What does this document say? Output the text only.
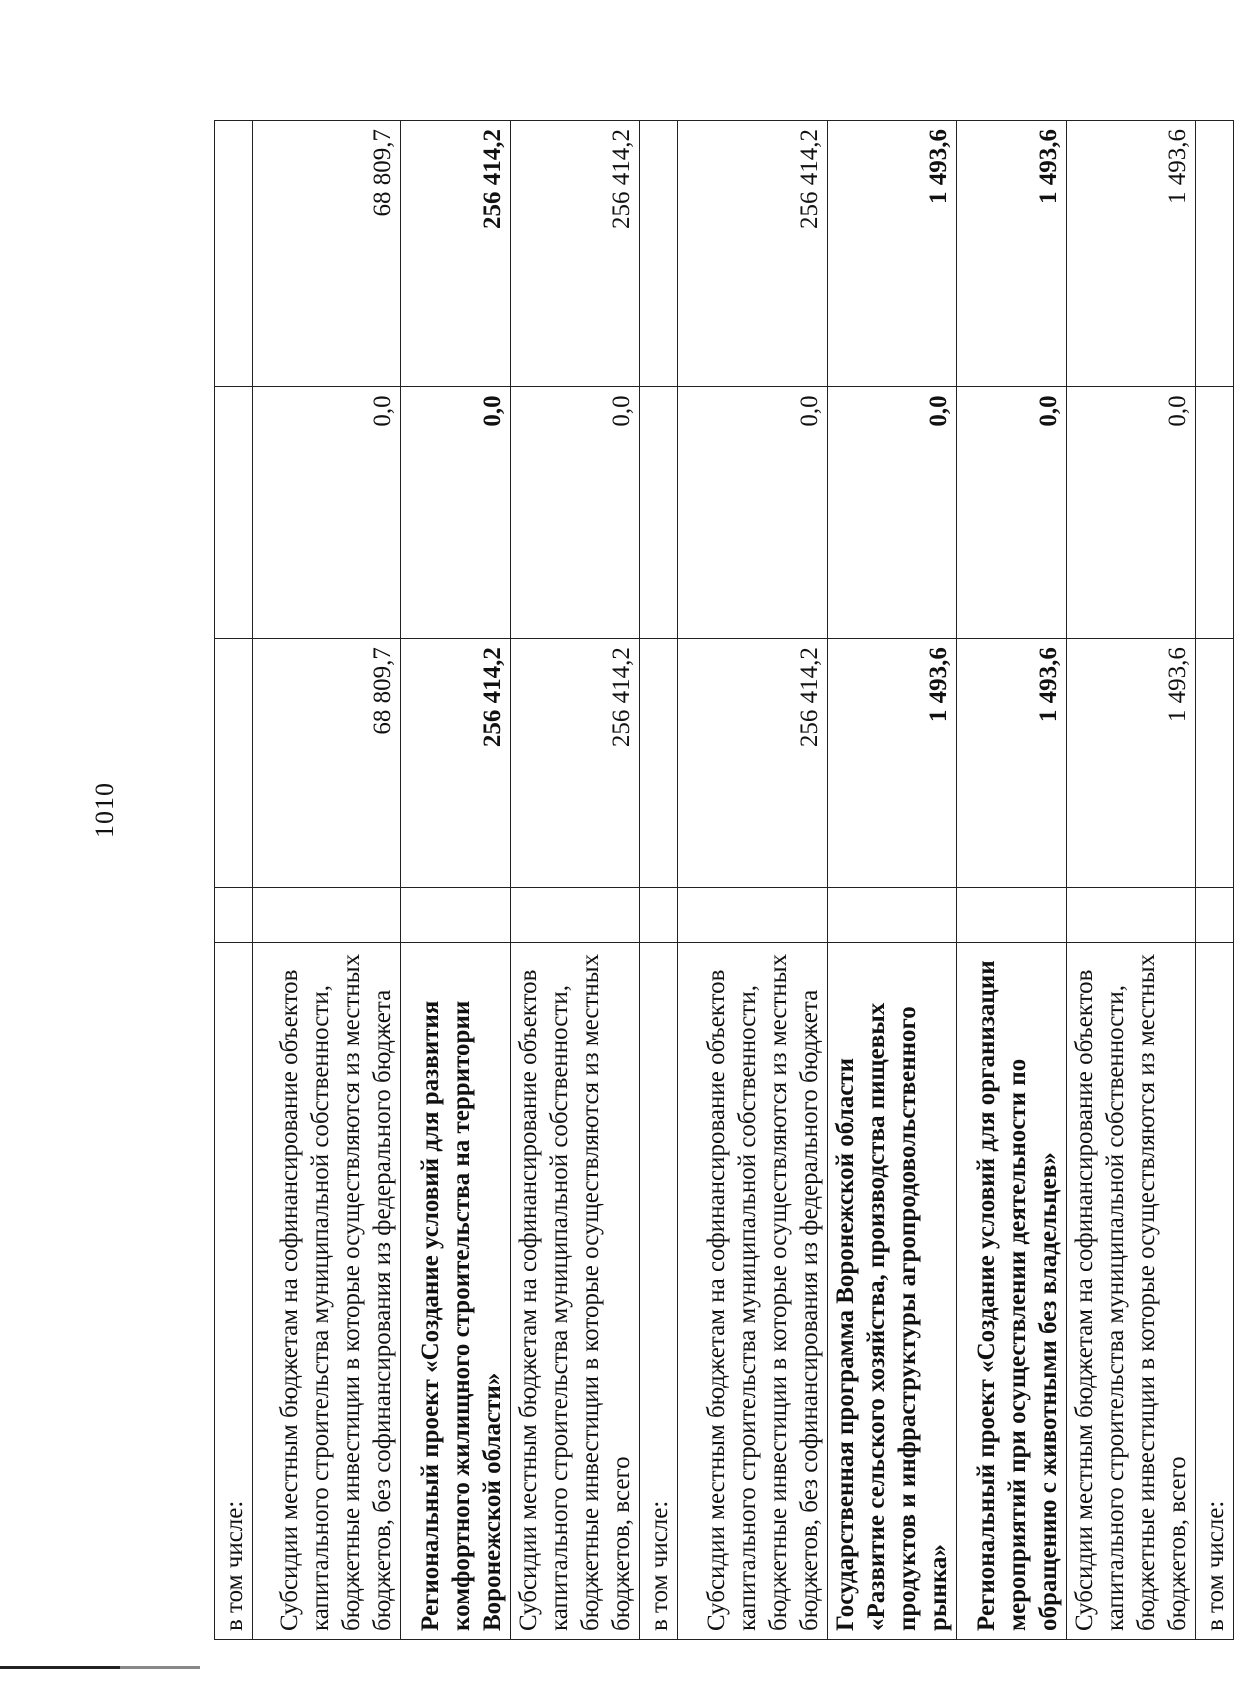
1010
в том числе:				

Субсидии местным бюджетам на софинансирование объектов капитального строительства муниципальной собственности, бюджетные инвестиции в которые осуществляются из местных бюджетов, без софинансирования из федерального бюджета		68 809,7	0,0	68 809,7

Региональный проект «Создание условий для развития комфортного жилищного строительства на территории Воронежской области»		256 414,2	0,0	256 414,2

Субсидии местным бюджетам на софинансирование объектов капитального строительства муниципальной собственности, бюджетные инвестиции в которые осуществляются из местных бюджетов, всего		256 414,2	0,0	256 414,2

в том числе:				

Субсидии местным бюджетам на софинансирование объектов капитального строительства муниципальной собственности, бюджетные инвестиции в которые осуществляются из местных бюджетов, без софинансирования из федерального бюджета		256 414,2	0,0	256 414,2

Государственная программа Воронежской области «Развитие сельского хозяйства, производства пищевых продуктов и инфраструктуры агропродовольственного рынка»		1 493,6	0,0	1 493,6

Региональный проект «Создание условий для организации мероприятий при осуществлении деятельности по обращению с животными без владельцев»		1 493,6	0,0	1 493,6

Субсидии местным бюджетам на софинансирование объектов капитального строительства муниципальной собственности, бюджетные инвестиции в которые осуществляются из местных бюджетов, всего		1 493,6	0,0	1 493,6

в том числе:				
